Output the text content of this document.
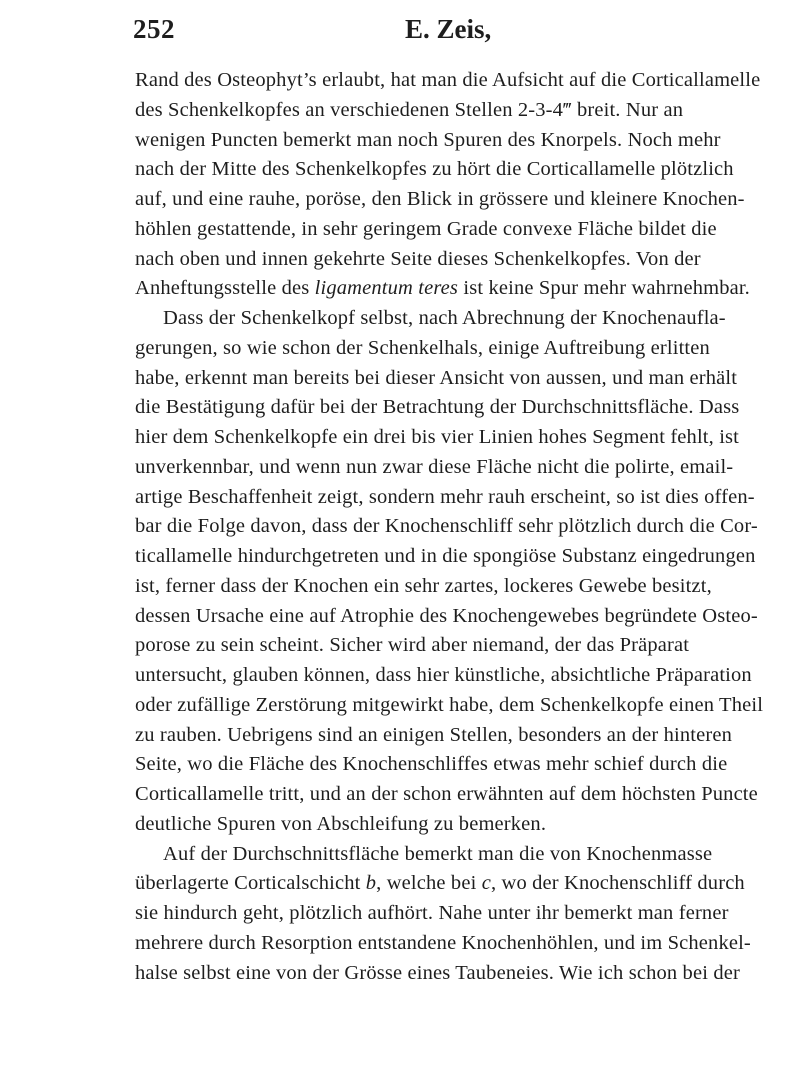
252	E. Zeis,
Rand des Osteophyt’s erlaubt, hat man die Aufsicht auf die Corticallamelle
des Schenkelkopfes an verschiedenen Stellen 2-3-4‴ breit. Nur an
wenigen Puncten bemerkt man noch Spuren des Knorpels. Noch mehr
nach der Mitte des Schenkelkopfes zu hört die Corticallamelle plötzlich
auf, und eine rauhe, poröse, den Blick in grössere und kleinere Knochen-
höhlen gestattende, in sehr geringem Grade convexe Fläche bildet die
nach oben und innen gekehrte Seite dieses Schenkelkopfes. Von der
Anheftungsstelle des ligamentum teres ist keine Spur mehr wahrnehmbar.
Dass der Schenkelkopf selbst, nach Abrechnung der Knochenaufla-
gerungen, so wie schon der Schenkelhals, einige Auftreibung erlitten
habe, erkennt man bereits bei dieser Ansicht von aussen, und man erhält
die Bestätigung dafür bei der Betrachtung der Durchschnittsfläche. Dass
hier dem Schenkelkopfe ein drei bis vier Linien hohes Segment fehlt, ist
unverkennbar, und wenn nun zwar diese Fläche nicht die polirte, email-
artige Beschaffenheit zeigt, sondern mehr rauh erscheint, so ist dies offen-
bar die Folge davon, dass der Knochenschliff sehr plötzlich durch die Cor-
ticallamelle hindurchgetreten und in die spongiöse Substanz eingedrungen
ist, ferner dass der Knochen ein sehr zartes, lockeres Gewebe besitzt,
dessen Ursache eine auf Atrophie des Knochengewebes begründete Osteo-
porose zu sein scheint. Sicher wird aber niemand, der das Präparat
untersucht, glauben können, dass hier künstliche, absichtliche Präparation
oder zufällige Zerstörung mitgewirkt habe, dem Schenkelkopfe einen Theil
zu rauben. Uebrigens sind an einigen Stellen, besonders an der hinteren
Seite, wo die Fläche des Knochenschliffes etwas mehr schief durch die
Corticallamelle tritt, und an der schon erwähnten auf dem höchsten Puncte
deutliche Spuren von Abschleifung zu bemerken.
Auf der Durchschnittsfläche bemerkt man die von Knochenmasse
überlagerte Corticalschicht b, welche bei c, wo der Knochenschliff durch
sie hindurch geht, plötzlich aufhört. Nahe unter ihr bemerkt man ferner
mehrere durch Resorption entstandene Knochenhöhlen, und im Schenkel-
halse selbst eine von der Grösse eines Taubeneies. Wie ich schon bei der
